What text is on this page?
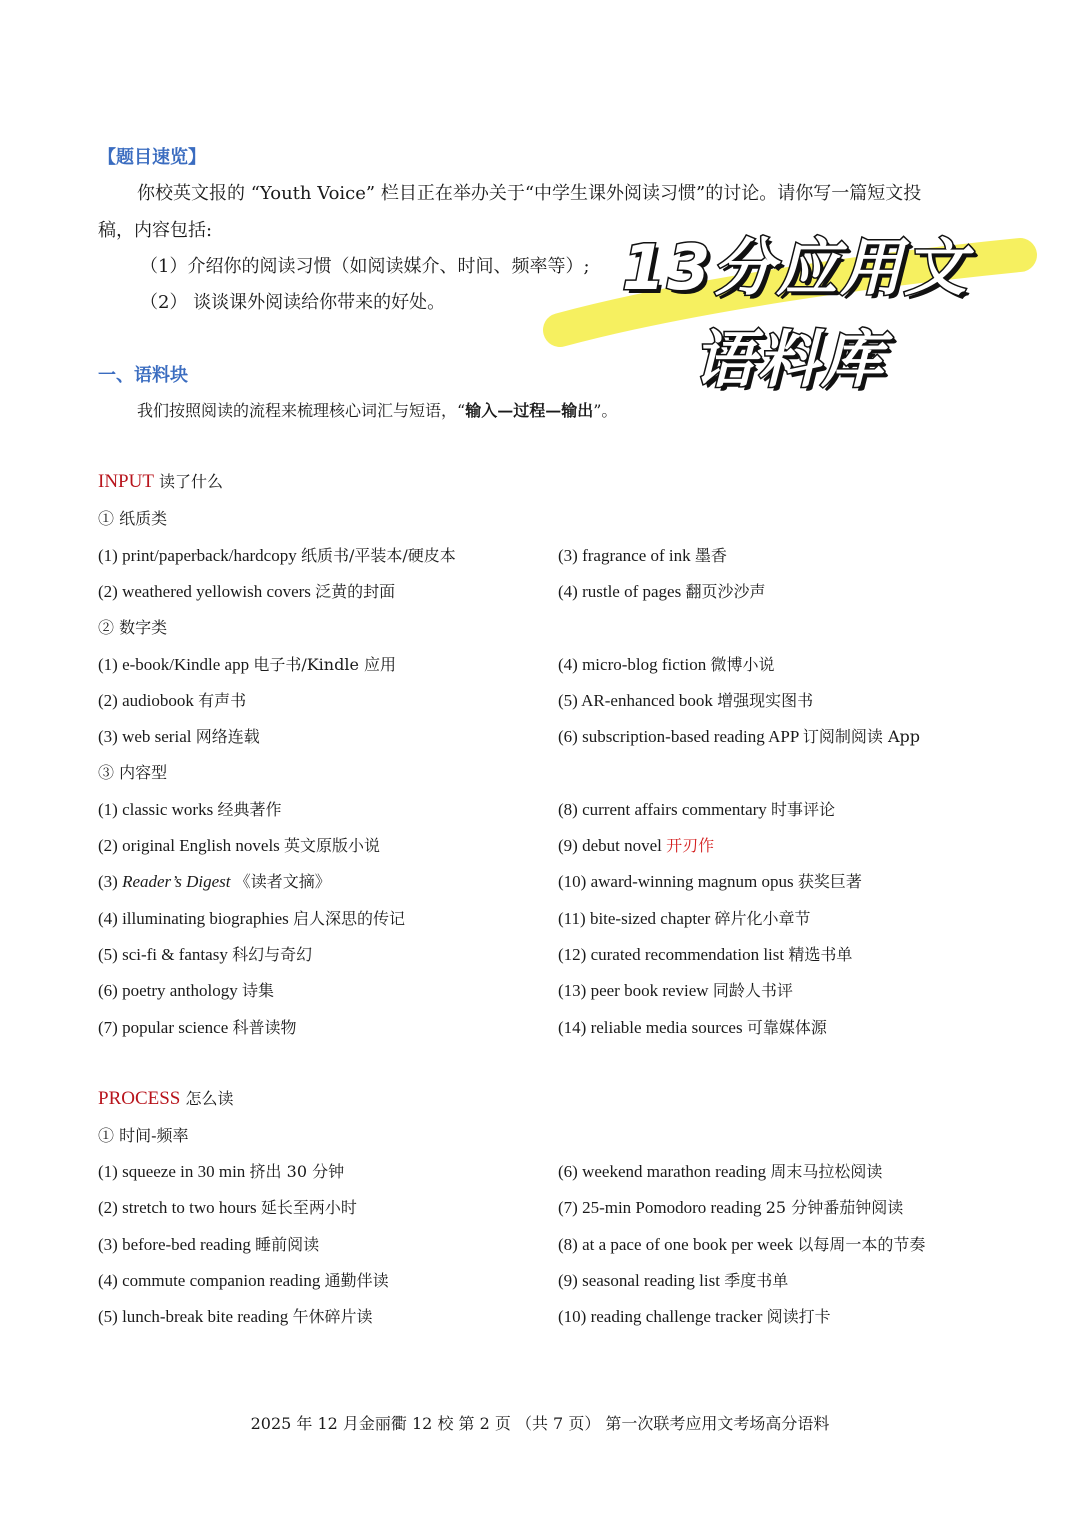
【题目速览】
你校英文报的 “Youth Voice” 栏目正在举办关于“中学生课外阅读习惯”的讨论。请你写一篇短文投
稿，内容包括:
（1）介绍你的阅读习惯（如阅读媒介、时间、频率等）;
（2） 谈谈课外阅读给你带来的好处。	13分应用文
语料库
一、语料块
我们按照阅读的流程来梳理核心词汇与短语，“输入—过程—输出”。
INPUT 读了什么
① 纸质类
(1) print/paperback/hardcopy 纸质书/平装本/硬皮本
(2) weathered yellowish covers 泛黄的封面
(3) fragrance of ink 墨香
(4) rustle of pages 翻页沙沙声
② 数字类
(1) e-book/Kindle app 电子书/Kindle 应用
(2) audiobook 有声书
(3) web serial 网络连载
(4) micro-blog fiction 微博小说
(5) AR-enhanced book 增强现实图书
(6) subscription-based reading APP 订阅制阅读 App
③ 内容型
(1) classic works 经典著作
(2) original English novels 英文原版小说
(3) Reader’s Digest 《读者文摘》
(4) illuminating biographies 启人深思的传记
(5) sci-fi & fantasy 科幻与奇幻
(6) poetry anthology 诗集
(7) popular science 科普读物
(8) current affairs commentary 时事评论
(9) debut novel 开刃作
(10) award-winning magnum opus 获奖巨著
(11) bite-sized chapter 碎片化小章节
(12) curated recommendation list 精选书单
(13) peer book review 同龄人书评
(14) reliable media sources 可靠媒体源
PROCESS 怎么读
① 时间-频率
(1) squeeze in 30 min 挤出 30 分钟
(2) stretch to two hours 延长至两小时
(3) before-bed reading 睡前阅读
(4) commute companion reading 通勤伴读
(5) lunch-break bite reading 午休碎片读
(6) weekend marathon reading 周末马拉松阅读
(7) 25-min Pomodoro reading 25 分钟番茄钟阅读
(8) at a pace of one book per week 以每周一本的节奏
(9) seasonal reading list 季度书单
(10) reading challenge tracker 阅读打卡
2025 年 12 月金丽衢 12 校 第 2 页 （共 7 页） 第一次联考应用文考场高分语料
